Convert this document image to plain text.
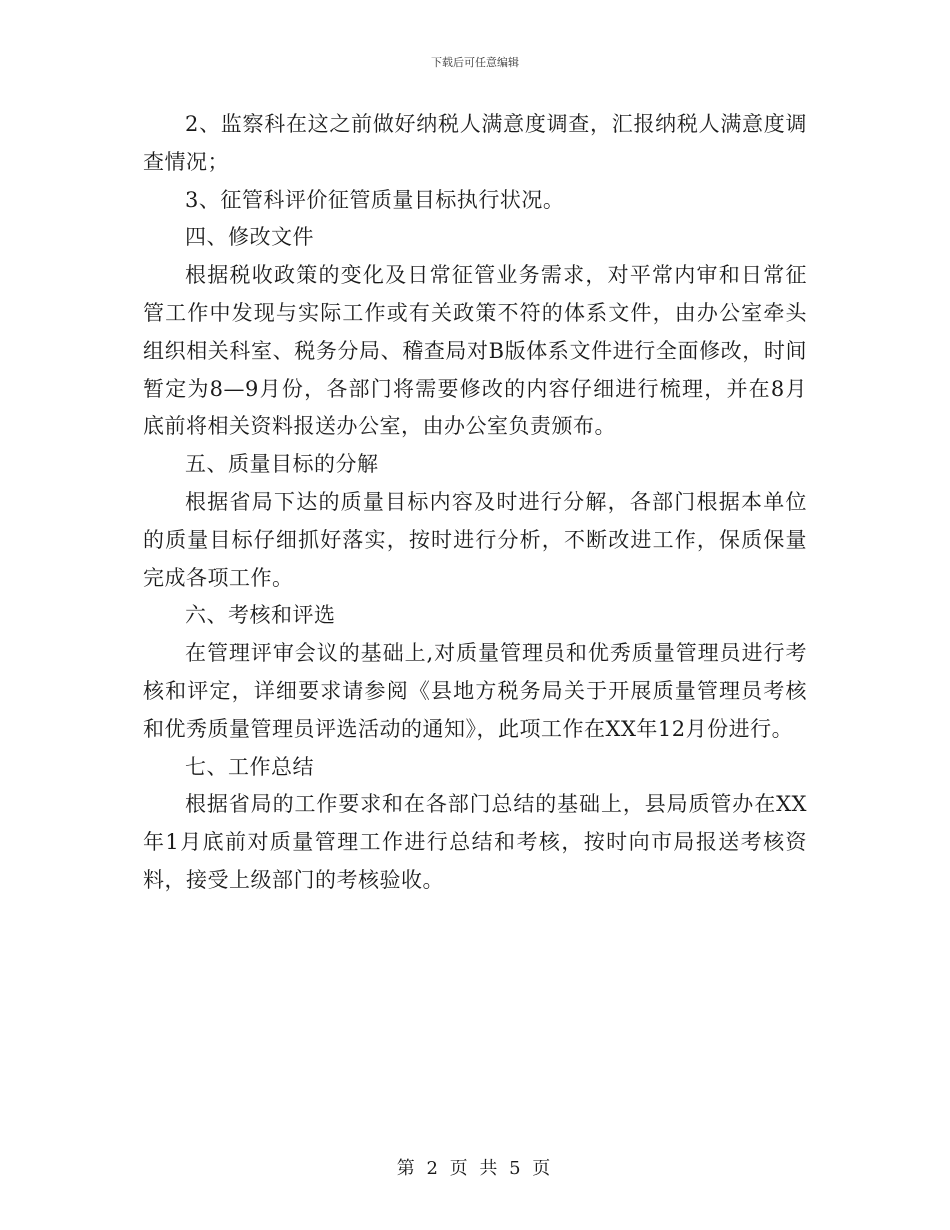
下载后可任意编辑

2、监察科在这之前做好纳税人满意度调查，汇报纳税人满意度调查情况；

3、征管科评价征管质量目标执行状况。

四、修改文件

根据税收政策的变化及日常征管业务需求，对平常内审和日常征管工作中发现与实际工作或有关政策不符的体系文件，由办公室牵头组织相关科室、税务分局、稽查局对B版体系文件进行全面修改，时间暂定为8—9月份，各部门将需要修改的内容仔细进行梳理，并在8月底前将相关资料报送办公室，由办公室负责颁布。

五、质量目标的分解

根据省局下达的质量目标内容及时进行分解，各部门根据本单位的质量目标仔细抓好落实，按时进行分析，不断改进工作，保质保量完成各项工作。

六、考核和评选

在管理评审会议的基础上,对质量管理员和优秀质量管理员进行考核和评定，详细要求请参阅《县地方税务局关于开展质量管理员考核和优秀质量管理员评选活动的通知》，此项工作在XX年12月份进行。

七、工作总结

根据省局的工作要求和在各部门总结的基础上，县局质管办在XX年1月底前对质量管理工作进行总结和考核，按时向市局报送考核资料，接受上级部门的考核验收。

第 2 页 共 5 页
